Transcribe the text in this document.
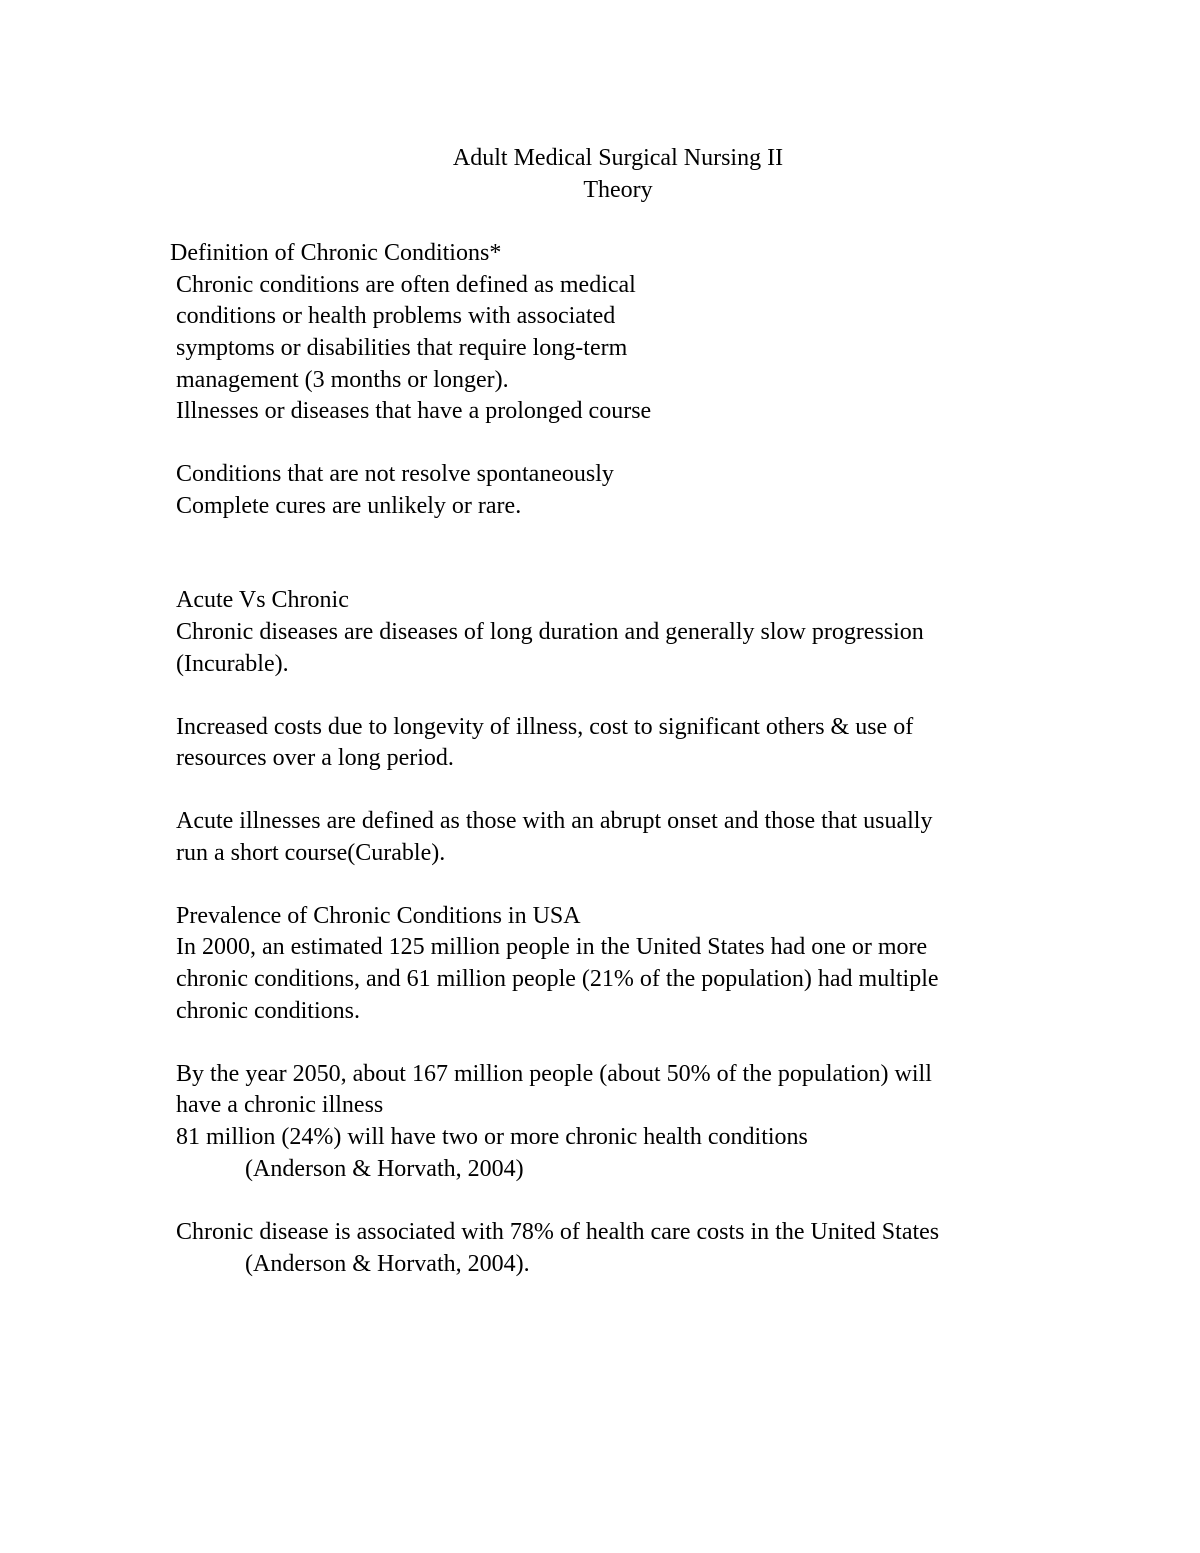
Adult Medical Surgical Nursing II
Theory
Definition of Chronic Conditions*
Chronic conditions are often defined as medical
conditions or health problems with associated
symptoms or disabilities that require long-term
management (3 months or longer).
Illnesses or diseases that have a prolonged course
Conditions that are not resolve spontaneously
Complete cures are unlikely or rare.
Acute Vs Chronic
Chronic diseases are diseases of long duration and generally slow progression
(Incurable).
Increased costs due to longevity of illness, cost to significant others & use of
resources over a long period.
Acute illnesses are defined as those with an abrupt onset and those that usually
run a short course(Curable).
Prevalence of Chronic Conditions in USA
In 2000, an estimated 125 million people in the United States had one or more
chronic conditions, and 61 million people (21% of the population) had multiple
chronic conditions.
By the year 2050, about 167 million people (about 50% of the population) will
have a chronic illness
81 million (24%) will have two or more chronic health conditions
(Anderson & Horvath, 2004)
Chronic disease is associated with 78% of health care costs in the United States
(Anderson & Horvath, 2004).
